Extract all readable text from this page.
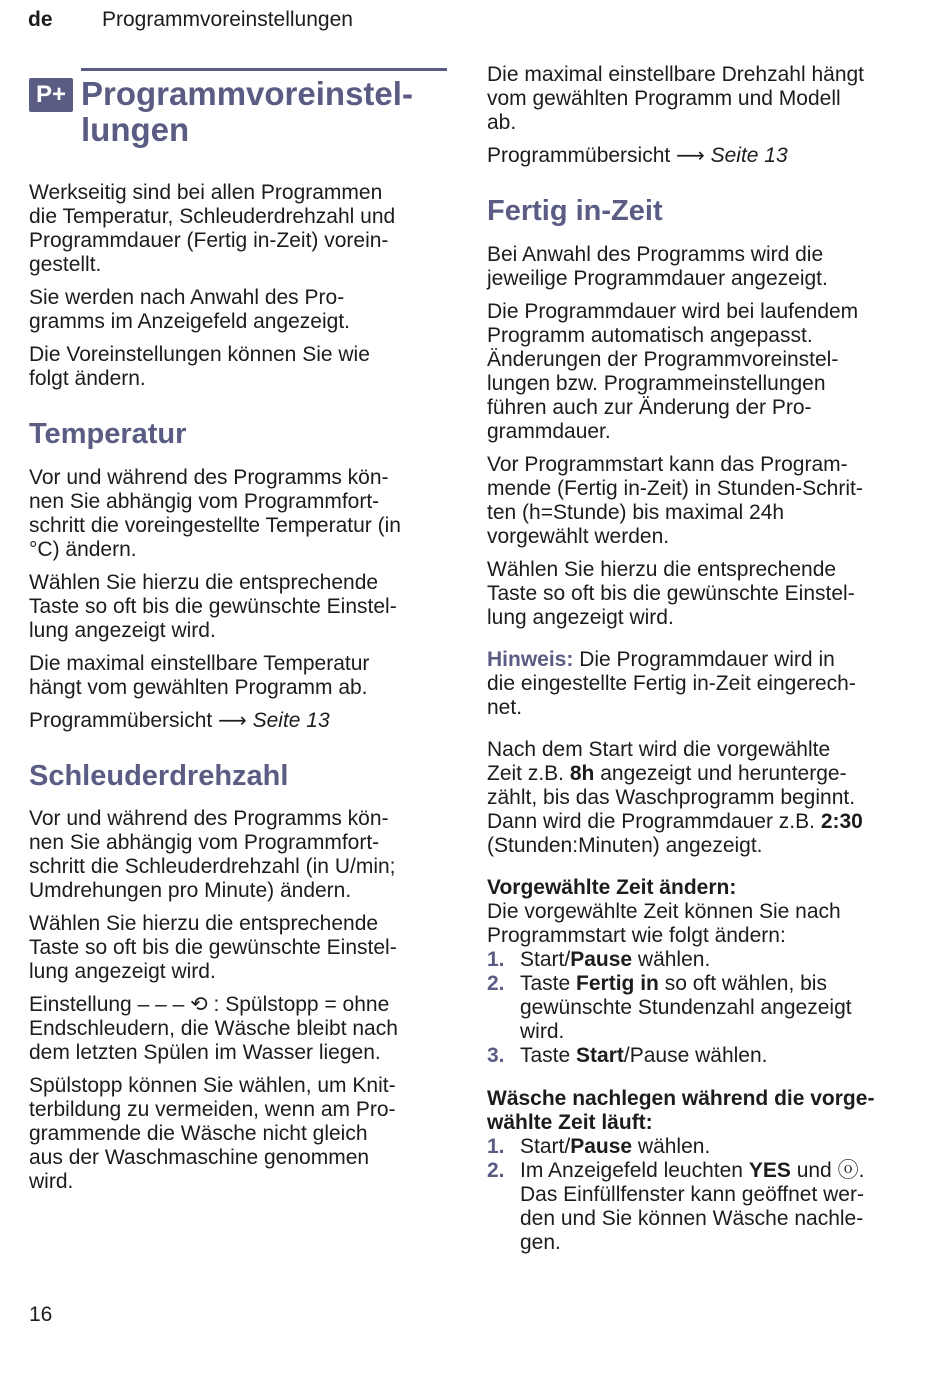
de Programmvoreinstellungen
P+ Programmvoreinstel-
lungen

Werkseitig sind bei allen Programmen
die Temperatur, Schleuderdrehzahl und
Programmdauer (Fertig in-Zeit) vorein-
gestellt.

Sie werden nach Anwahl des Pro-
gramms im Anzeigefeld angezeigt.

Die Voreinstellungen können Sie wie
folgt ändern.

Temperatur

Vor und während des Programms kön-
nen Sie abhängig vom Programmfort-
schritt die voreingestellte Temperatur (in
°C) ändern.

Wählen Sie hierzu die entsprechende
Taste so oft bis die gewünschte Einstel-
lung angezeigt wird.

Die maximal einstellbare Temperatur
hängt vom gewählten Programm ab.

Programmübersicht ⟶ Seite 13

Schleuderdrehzahl

Vor und während des Programms kön-
nen Sie abhängig vom Programmfort-
schritt die Schleuderdrehzahl (in U/min;
Umdrehungen pro Minute) ändern.

Wählen Sie hierzu die entsprechende
Taste so oft bis die gewünschte Einstel-
lung angezeigt wird.

Einstellung – – – ⟲ : Spülstopp = ohne
Endschleudern, die Wäsche bleibt nach
dem letzten Spülen im Wasser liegen.

Spülstopp können Sie wählen, um Knit-
terbildung zu vermeiden, wenn am Pro-
grammende die Wäsche nicht gleich
aus der Waschmaschine genommen
wird.

Die maximal einstellbare Drehzahl hängt
vom gewählten Programm und Modell
ab.

Programmübersicht ⟶ Seite 13

Fertig in-Zeit

Bei Anwahl des Programms wird die
jeweilige Programmdauer angezeigt.

Die Programmdauer wird bei laufendem
Programm automatisch angepasst.
Änderungen der Programmvoreinstel-
lungen bzw. Programmeinstellungen
führen auch zur Änderung der Pro-
grammdauer.

Vor Programmstart kann das Program-
mende (Fertig in-Zeit) in Stunden-Schrit-
ten (h=Stunde) bis maximal 24h
vorgewählt werden.

Wählen Sie hierzu die entsprechende
Taste so oft bis die gewünschte Einstel-
lung angezeigt wird.

Hinweis: Die Programmdauer wird in
die eingestellte Fertig in-Zeit eingerech-
net.

Nach dem Start wird die vorgewählte
Zeit z.B. 8h angezeigt und herunterge-
zählt, bis das Waschprogramm beginnt.
Dann wird die Programmdauer z.B. 2:30
(Stunden:Minuten) angezeigt.

Vorgewählte Zeit ändern:

Die vorgewählte Zeit können Sie nach
Programmstart wie folgt ändern:

1. Start/Pause wählen.
2. Taste Fertig in so oft wählen, bis
gewünschte Stundenzahl angezeigt
wird.
3. Taste Start/Pause wählen.

Wäsche nachlegen während die vorge-
wählte Zeit läuft:

1. Start/Pause wählen.
2. Im Anzeigefeld leuchten YES und ⓞ.
Das Einfüllfenster kann geöffnet wer-
den und Sie können Wäsche nachle-
gen.
16
